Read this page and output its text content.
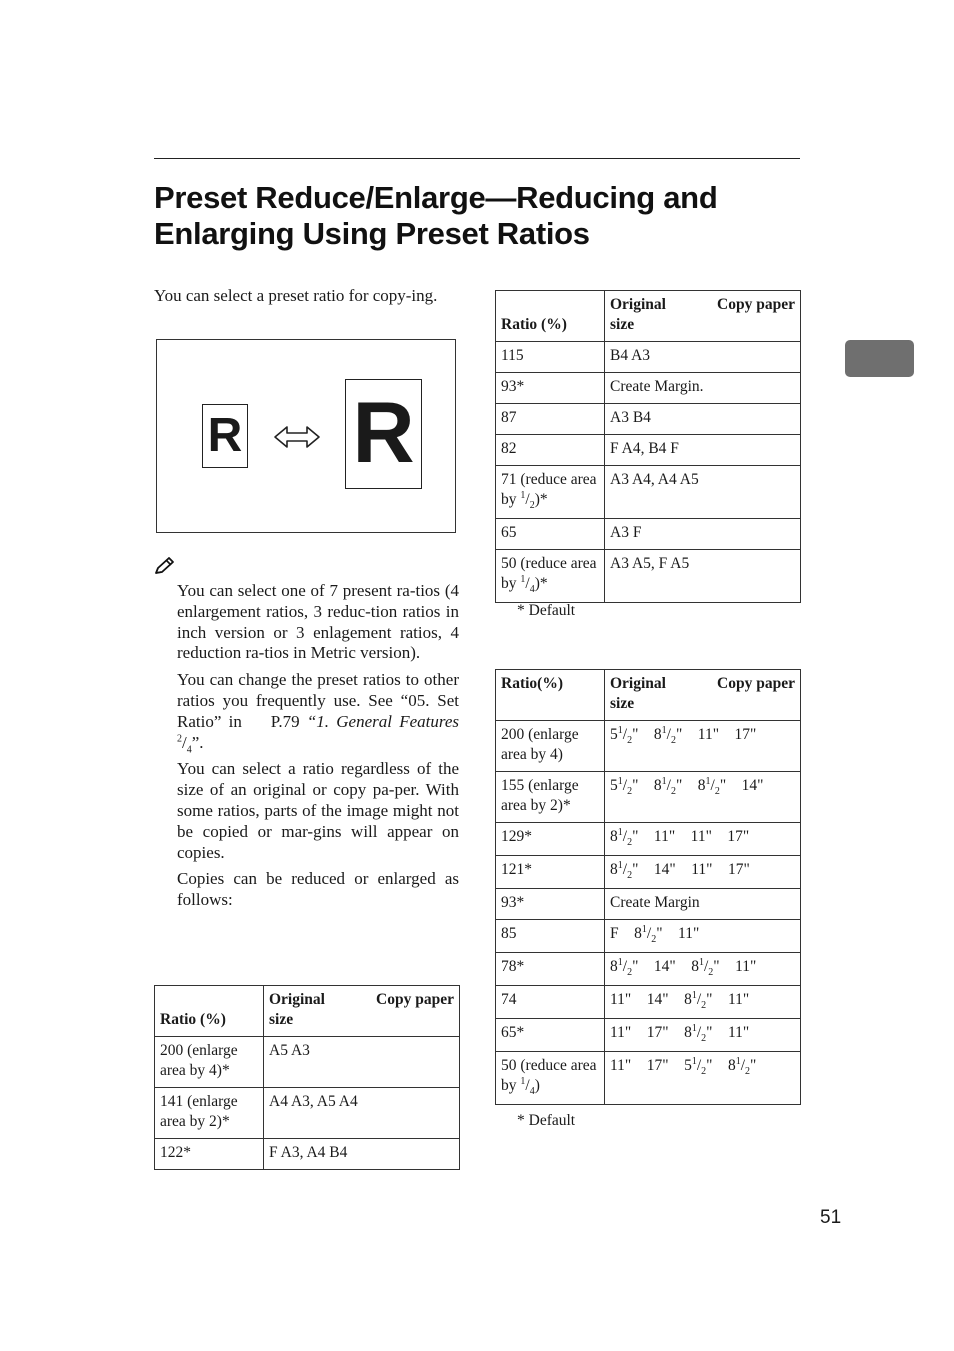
Preset Reduce/Enlarge—Reducing and
Enlarging Using Preset Ratios

You can select a preset ratio for copy-ing.

R R

You can select one of 7 present ra-tios (4 enlargement ratios, 3 reduc-tion ratios in inch version or 3 enlagement ratios, 4 reduction ra-tios in Metric version).

You can change the preset ratios to other ratios you frequently use. See “05. Set Ratio” in P.79 “1. General Features $^2/_4$”.

You can select a ratio regardless of the size of an original or copy pa-per. With some ratios, parts of the image might not be copied or mar-gins will appear on copies.

Copies can be reduced or enlarged as follows:

Ratio (%)	Original Copy paper
size
200 (enlarge area by 4)*	A5 A3
141 (enlarge area by 2)*	A4 A3, A5 A4
122*	F A3, A4 B4
Ratio (%)	Original Copy paper
size
115	B4 A3
93*	Create Margin.
87	A3 B4
82	F A4, B4 F
71 (reduce area by $^1/_2)*$	A3 A4, A4 A5
65	A3 F
50 (reduce area by $^1/_4)*$	A3 A5, F A5
* Default
Ratio(%)	Original Copy paper
size
200 (enlarge area by 4)	$5^1/_2$"    $8^1/_2$"    11" 17"
155 (enlarge area by 2)*	$5^1/_2$"    $8^1/_2$"    $8^1/_2$"    14"
129*	$8^1/_2$"    11" 11" 17"
121*	$8^1/_2$"    14" 11" 17"
93*	Create Margin
85	F $8^1/_2$"    11"
78*	$8^1/_2$"    14" $8^1/_2$"    11"
74	11" 14" $8^1/_2$"    11"
65*	11" 17" $8^1/_2$"    11"
50 (reduce area by $^1/_4$)	11" 17" $5^1/_2$"    $8^1/_2$"
* Default
51
